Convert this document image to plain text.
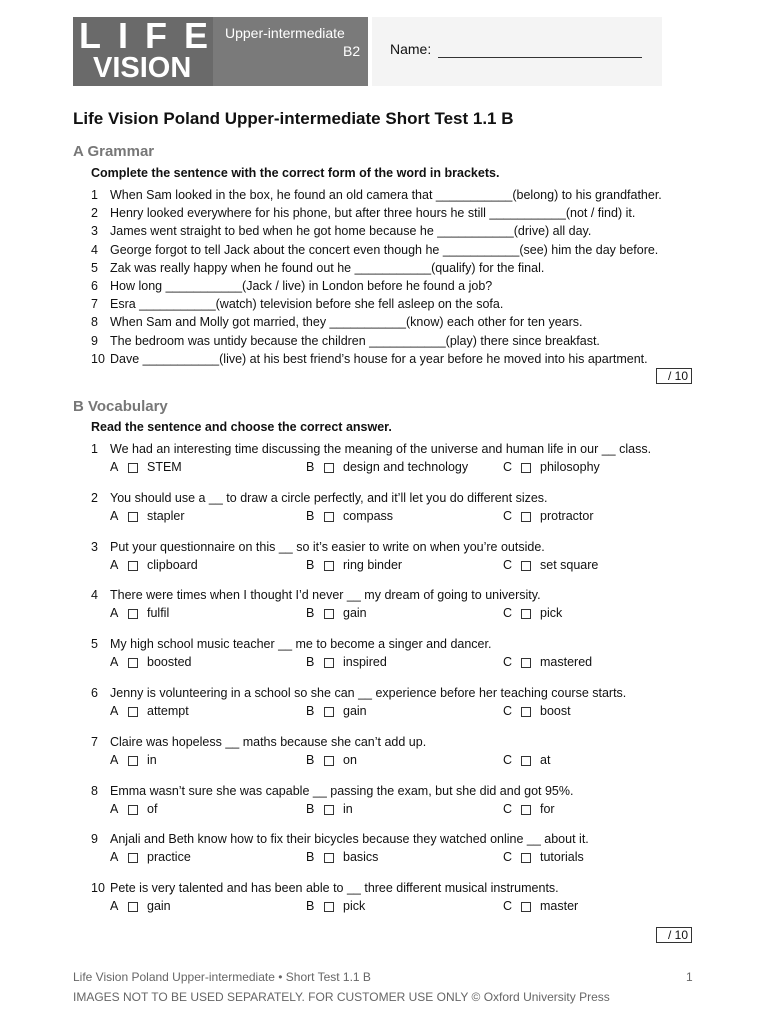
LIFE
VISION
Upper-intermediate
B2 Name:
Life Vision Poland Upper-intermediate Short Test 1.1 B
A Grammar
Complete the sentence with the correct form of the word in brackets.
1 When Sam looked in the box, he found an old camera that ___________(belong) to his grandfather.
2 Henry looked everywhere for his phone, but after three hours he still ___________(not / find) it.
3 James went straight to bed when he got home because he ___________(drive) all day.
4 George forgot to tell Jack about the concert even though he ___________(see) him the day before.
5 Zak was really happy when he found out he ___________(qualify) for the final.
6 How long ___________(Jack / live) in London before he found a job?
7 Esra ___________(watch) television before she fell asleep on the sofa.
8 When Sam and Molly got married, they ___________(know) each other for ten years.
9 The bedroom was untidy because the children ___________(play) there since breakfast.
10 Dave ___________(live) at his best friend’s house for a year before he moved into his apartment.
/ 10
B Vocabulary
Read the sentence and choose the correct answer.
1 We had an interesting time discussing the meaning of the universe and human life in our __ class.
A	STEM	B	design and technology	C	philosophy
2 You should use a __ to draw a circle perfectly, and it’ll let you do different sizes.
A	stapler	B	compass	C	protractor
3 Put your questionnaire on this __ so it’s easier to write on when you’re outside.
A	clipboard	B	ring binder	C	set square
4 There were times when I thought I’d never __ my dream of going to university.
A	fulfil	B	gain	C	pick
5 My high school music teacher __ me to become a singer and dancer.
A	boosted	B	inspired	C	mastered
6 Jenny is volunteering in a school so she can __ experience before her teaching course starts.
A	attempt	B	gain	C	boost
7 Claire was hopeless __ maths because she can’t add up.
A	in	B	on	C	at
8 Emma wasn’t sure she was capable __ passing the exam, but she did and got 95%.
A	of	B	in	C	for
9 Anjali and Beth know how to fix their bicycles because they watched online __ about it.
A	practice	B	basics	C	tutorials
10 Pete is very talented and has been able to __ three different musical instruments.
A	gain	B	pick	C	master
/ 10
Life Vision Poland Upper-intermediate • Short Test 1.1 B	1
IMAGES NOT TO BE USED SEPARATELY. FOR CUSTOMER USE ONLY © Oxford University Press
